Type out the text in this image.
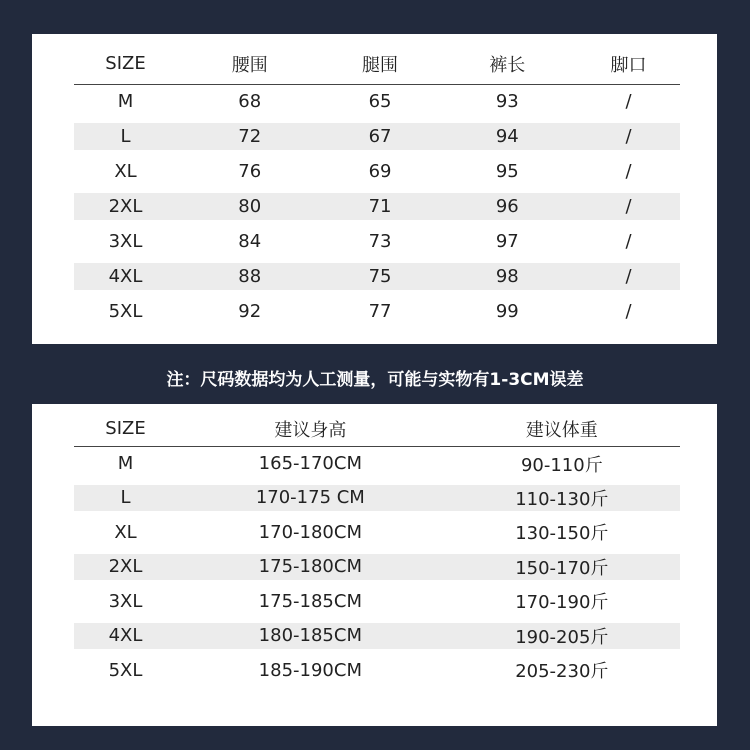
SIZE	腰围	腿围	裤长	脚口
M	68	65	93	/
L	72	67	94	/
XL	76	69	95	/
2XL	80	71	96	/
3XL	84	73	97	/
4XL	88	75	98	/
5XL	92	77	99	/
注：尺码数据均为人工测量，可能与实物有1-3CM误差
SIZE	建议身高	建议体重
M	165-170CM	90-110斤
L	170-175 CM	110-130斤
XL	170-180CM	130-150斤
2XL	175-180CM	150-170斤
3XL	175-185CM	170-190斤
4XL	180-185CM	190-205斤
5XL	185-190CM	205-230斤
